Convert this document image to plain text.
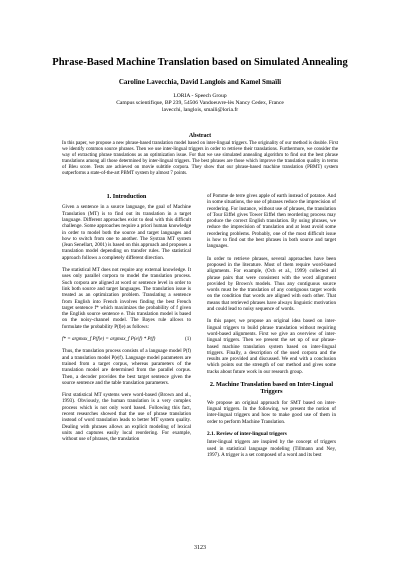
Phrase-Based Machine Translation based on Simulated Annealing
Caroline Lavecchia, David Langlois and Kamel Smaïli
LORIA - Speech Group
Campus scientifique, BP 239, 54506 Vandoeuvre-lès Nancy Cedex, France
lavecchi, langlois, smaili@loria.fr
Abstract
In this paper, we propose a new phrase-based translation model based on inter-lingual triggers. The originality of our method is double. First we identify common source phrases. Then we use inter-lingual triggers in order to retrieve their translations. Furthermore, we consider the way of extracting phrase translations as an optimization issue. For that we use simulated annealing algorithm to find out the best phrase translations among all those determined by inter-lingual triggers. The best phrases are those which improve the translation quality in terms of Bleu score. Tests are achieved on movie subtitle corpora. They show that our phrase-based machine translation (PBMT) system outperforms a state-of-the-art PBMT system by almost 7 points.
1. Introduction

Given a sentence in a source language, the goal of Machine Translation (MT) is to find out its translation in a target language. Different approaches exist to deal with this difficult challenge. Some approaches require a priori human knowledge in order to model both the source and target languages and how to switch from one to another. The Systran MT system (Jean Senellart, 2001) is based on this approach and proposes a translation model depending on transfer rules. The statistical approach follows a completely different direction.

The statistical MT does not require any external knowledge. It uses only parallel corpora to model the translation process. Such corpora are aligned at word or sentence level in order to link both source and target languages. The translation issue is treated as an optimization problem. Translating a sentence from English into French involves finding the best French target sentence f* which maximizes the probability of f given the English source sentence e. This translation model is based on the noisy-channel model. The Bayes rule allows to formulate the probability P(f|e) as follows:

f* = argmax_f P(f|e) = argmax_f P(e|f) * P(f)	(1)

Thus, the translation process consists of a language model P(f) and a translation model P(e|f). Language model parameters are trained from a target corpus, whereas parameters of the translation model are determined from the parallel corpus. Then, a decoder provides the best target sentence given the source sentence and the table translation parameters.

First statistical MT systems were word-based (Brown and al., 1993). Obviously, the human translation is a very complex process which is not only word based. Following this fact, recent researches showed that the use of phrase translation instead of word translation leads to better MT system quality. Dealing with phrases allows an explicit modeling of lexical units and captures easily local reordering. For example, without use of phrases, the translation

of Pomme de terre gives apple of earth instead of potatoe. And in some situations, the use of phrases reduce the imprecision of reordering. For instance, without use of phrases, the translation of Tour Eiffel gives Tower Eiffel then reordering process may produce the correct English translation. By using phrases, we reduce the imprecision of translation and at least avoid some reordering problems. Probably, one of the most difficult issue is how to find out the best phrases in both source and target languages.

In order to retrieve phrases, several approaches have been proposed in the literature. Most of them require word-based alignments. For example, (Och et al., 1999) collected all phrase pairs that were consistent with the word alignment provided by Brown's models. Thus any contiguous source words must be the translation of any contiguous target words on the condition that words are aligned with each other. That means that retrieved phrases have always linguistic motivation and could lead to noisy sequence of words.

In this paper, we propose an original idea based on inter-lingual triggers to build phrase translation without requiring word-based alignments. First we give an overview of inter-lingual triggers. Then we present the set up of our phrase-based machine translation system based on inter-lingual triggers. Finally, a description of the used corpora and the results are provided and discussed. We end with a conclusion which points out the strength of our method and gives some tracks about future work in our research group.

2. Machine Translation based on Inter-Lingual Triggers

We propose an original approach for SMT based on inter-lingual triggers. In the following, we present the notion of inter-lingual triggers and how to make good use of them in order to perform Machine Translation.

2.1. Review of inter-lingual triggers

Inter-lingual triggers are inspired by the concept of triggers used in statistical language modeling (Tillmann and Ney, 1997). A trigger is a set composed of a word and its best

3123
